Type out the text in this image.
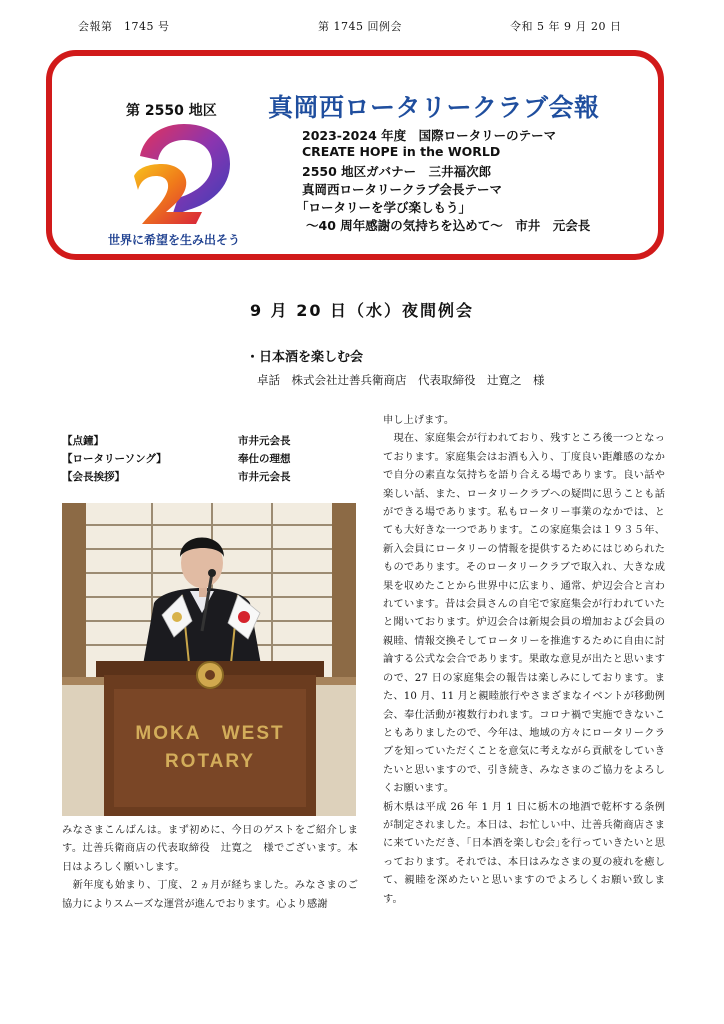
会報第　1745 号	第 1745 回例会	令和 5 年 9 月 20 日
第 2550 地区
世界に希望を生み出そう
真岡西ロータリークラブ会報
2023-2024 年度　国際ロータリーのテーマ
CREATE HOPE in the WORLD
2550 地区ガバナー　三井福次郎
真岡西ロータリークラブ会長テーマ
「ロータリーを学び楽しもう」
～40 周年感謝の気持ちを込めて～　市井　元会長
9 月 20 日（水）夜間例会
・日本酒を楽しむ会
卓話　株式会社辻善兵衛商店　代表取締役　辻寛之　様
【点鐘】	市井元会長
【ロータリーソング】	奉仕の理想
【会長挨拶】	市井元会長
MOKA　WEST
ROTARY

みなさまこんばんは。まず初めに、今日のゲストをご紹介します。辻善兵衛商店の代表取締役　辻寛之　様でございます。本日はよろしく願いします。

　新年度も始まり、丁度、２ヵ月が経ちました。みなさまのご協力によりスムーズな運営が進んでおります。心より感謝

申し上げます。

　現在、家庭集会が行われており、残すところ後一つとなっております。家庭集会はお酒も入り、丁度良い距離感のなかで自分の素直な気持ちを語り合える場であります。良い話や楽しい話、また、ロータリークラブへの疑問に思うことも話ができる場であります。私もロータリー事業のなかでは、とても大好きな一つであります。この家庭集会は１９３５年、新入会員にロータリーの情報を提供するためにはじめられたものであります。そのロータリークラブで取入れ、大きな成果を収めたことから世界中に広まり、通常、炉辺会合と言われています。昔は会員さんの自宅で家庭集会が行われていたと聞いております。炉辺会合は新規会員の増加および会員の親睦、情報交換そしてロータリーを推進するために自由に討論する公式な会合であります。果敢な意見が出たと思いますので、27 日の家庭集会の報告は楽しみにしております。また、10 月、11 月と親睦旅行やさまざまなイベントが移動例会、奉仕活動が複数行われます。コロナ禍で実施できないこともありましたので、今年は、地域の方々にロータリークラブを知っていただくことを意気に考えながら貢献をしていきたいと思いますので、引き続き、みなさまのご協力をよろしくお願います。

栃木県は平成 26 年 1 月 1 日に栃木の地酒で乾杯する条例が制定されました。本日は、お忙しい中、辻善兵衛商店さまに来ていただき、｢日本酒を楽しむ会｣を行っていきたいと思っております。それでは、本日はみなさまの夏の疲れを癒して、親睦を深めたいと思いますのでよろしくお願い致します。
